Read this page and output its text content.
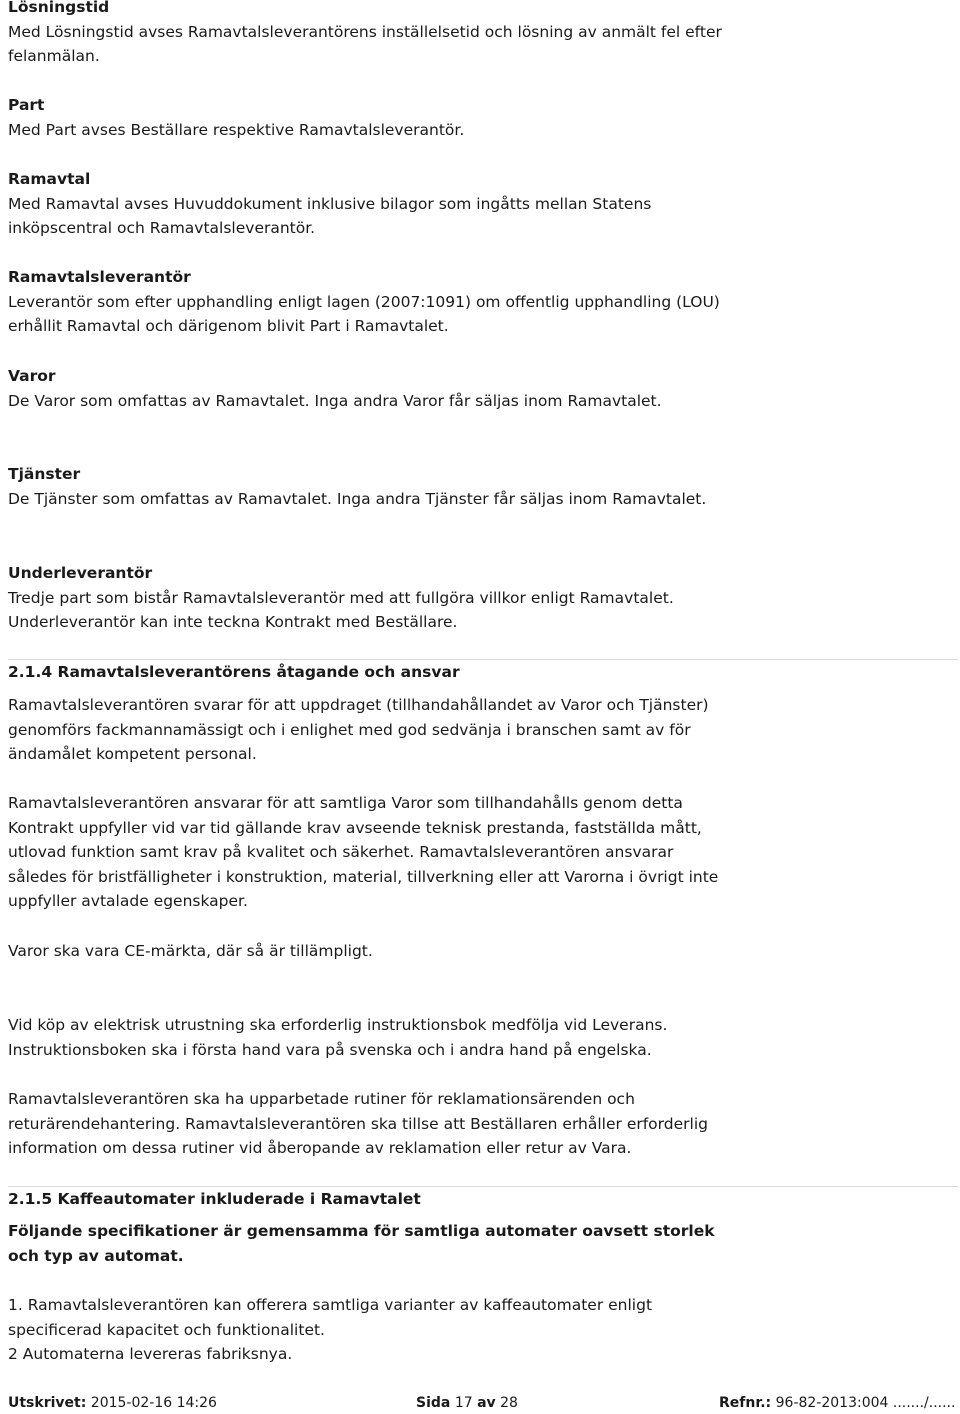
Lösningstid
Med Lösningstid avses Ramavtalsleverantörens inställelsetid och lösning av anmält fel efter
felanmälan.
Part
Med Part avses Beställare respektive Ramavtalsleverantör.
Ramavtal
Med Ramavtal avses Huvuddokument inklusive bilagor som ingåtts mellan Statens
inköpscentral och Ramavtalsleverantör.
Ramavtalsleverantör
Leverantör som efter upphandling enligt lagen (2007:1091) om offentlig upphandling (LOU)
erhållit Ramavtal och därigenom blivit Part i Ramavtalet.
Varor
De Varor som omfattas av Ramavtalet. Inga andra Varor får säljas inom Ramavtalet.
Tjänster
De Tjänster som omfattas av Ramavtalet. Inga andra Tjänster får säljas inom Ramavtalet.
Underleverantör
Tredje part som bistår Ramavtalsleverantör med att fullgöra villkor enligt Ramavtalet.
Underleverantör kan inte teckna Kontrakt med Beställare.
2.1.4 Ramavtalsleverantörens åtagande och ansvar
Ramavtalsleverantören svarar för att uppdraget (tillhandahållandet av Varor och Tjänster)
genomförs fackmannamässigt och i enlighet med god sedvänja i branschen samt av för
ändamålet kompetent personal.
Ramavtalsleverantören ansvarar för att samtliga Varor som tillhandahålls genom detta
Kontrakt uppfyller vid var tid gällande krav avseende teknisk prestanda, fastställda mått,
utlovad funktion samt krav på kvalitet och säkerhet. Ramavtalsleverantören ansvarar
således för bristfälligheter i konstruktion, material, tillverkning eller att Varorna i övrigt inte
uppfyller avtalade egenskaper.
Varor ska vara CE-märkta, där så är tillämpligt.
Vid köp av elektrisk utrustning ska erforderlig instruktionsbok medfölja vid Leverans.
Instruktionsboken ska i första hand vara på svenska och i andra hand på engelska.
Ramavtalsleverantören ska ha upparbetade rutiner för reklamationsärenden och
returärendehantering. Ramavtalsleverantören ska tillse att Beställaren erhåller erforderlig
information om dessa rutiner vid åberopande av reklamation eller retur av Vara.
2.1.5 Kaffeautomater inkluderade i Ramavtalet
Följande specifikationer är gemensamma för samtliga automater oavsett storlek
och typ av automat.
1. Ramavtalsleverantören kan offerera samtliga varianter av kaffeautomater enligt
specificerad kapacitet och funktionalitet.
2 Automaterna levereras fabriksnya.
Utskrivet: 2015-02-16 14:26	Sida 17 av 28	Refnr.: 96-82-2013:004 ......./......
